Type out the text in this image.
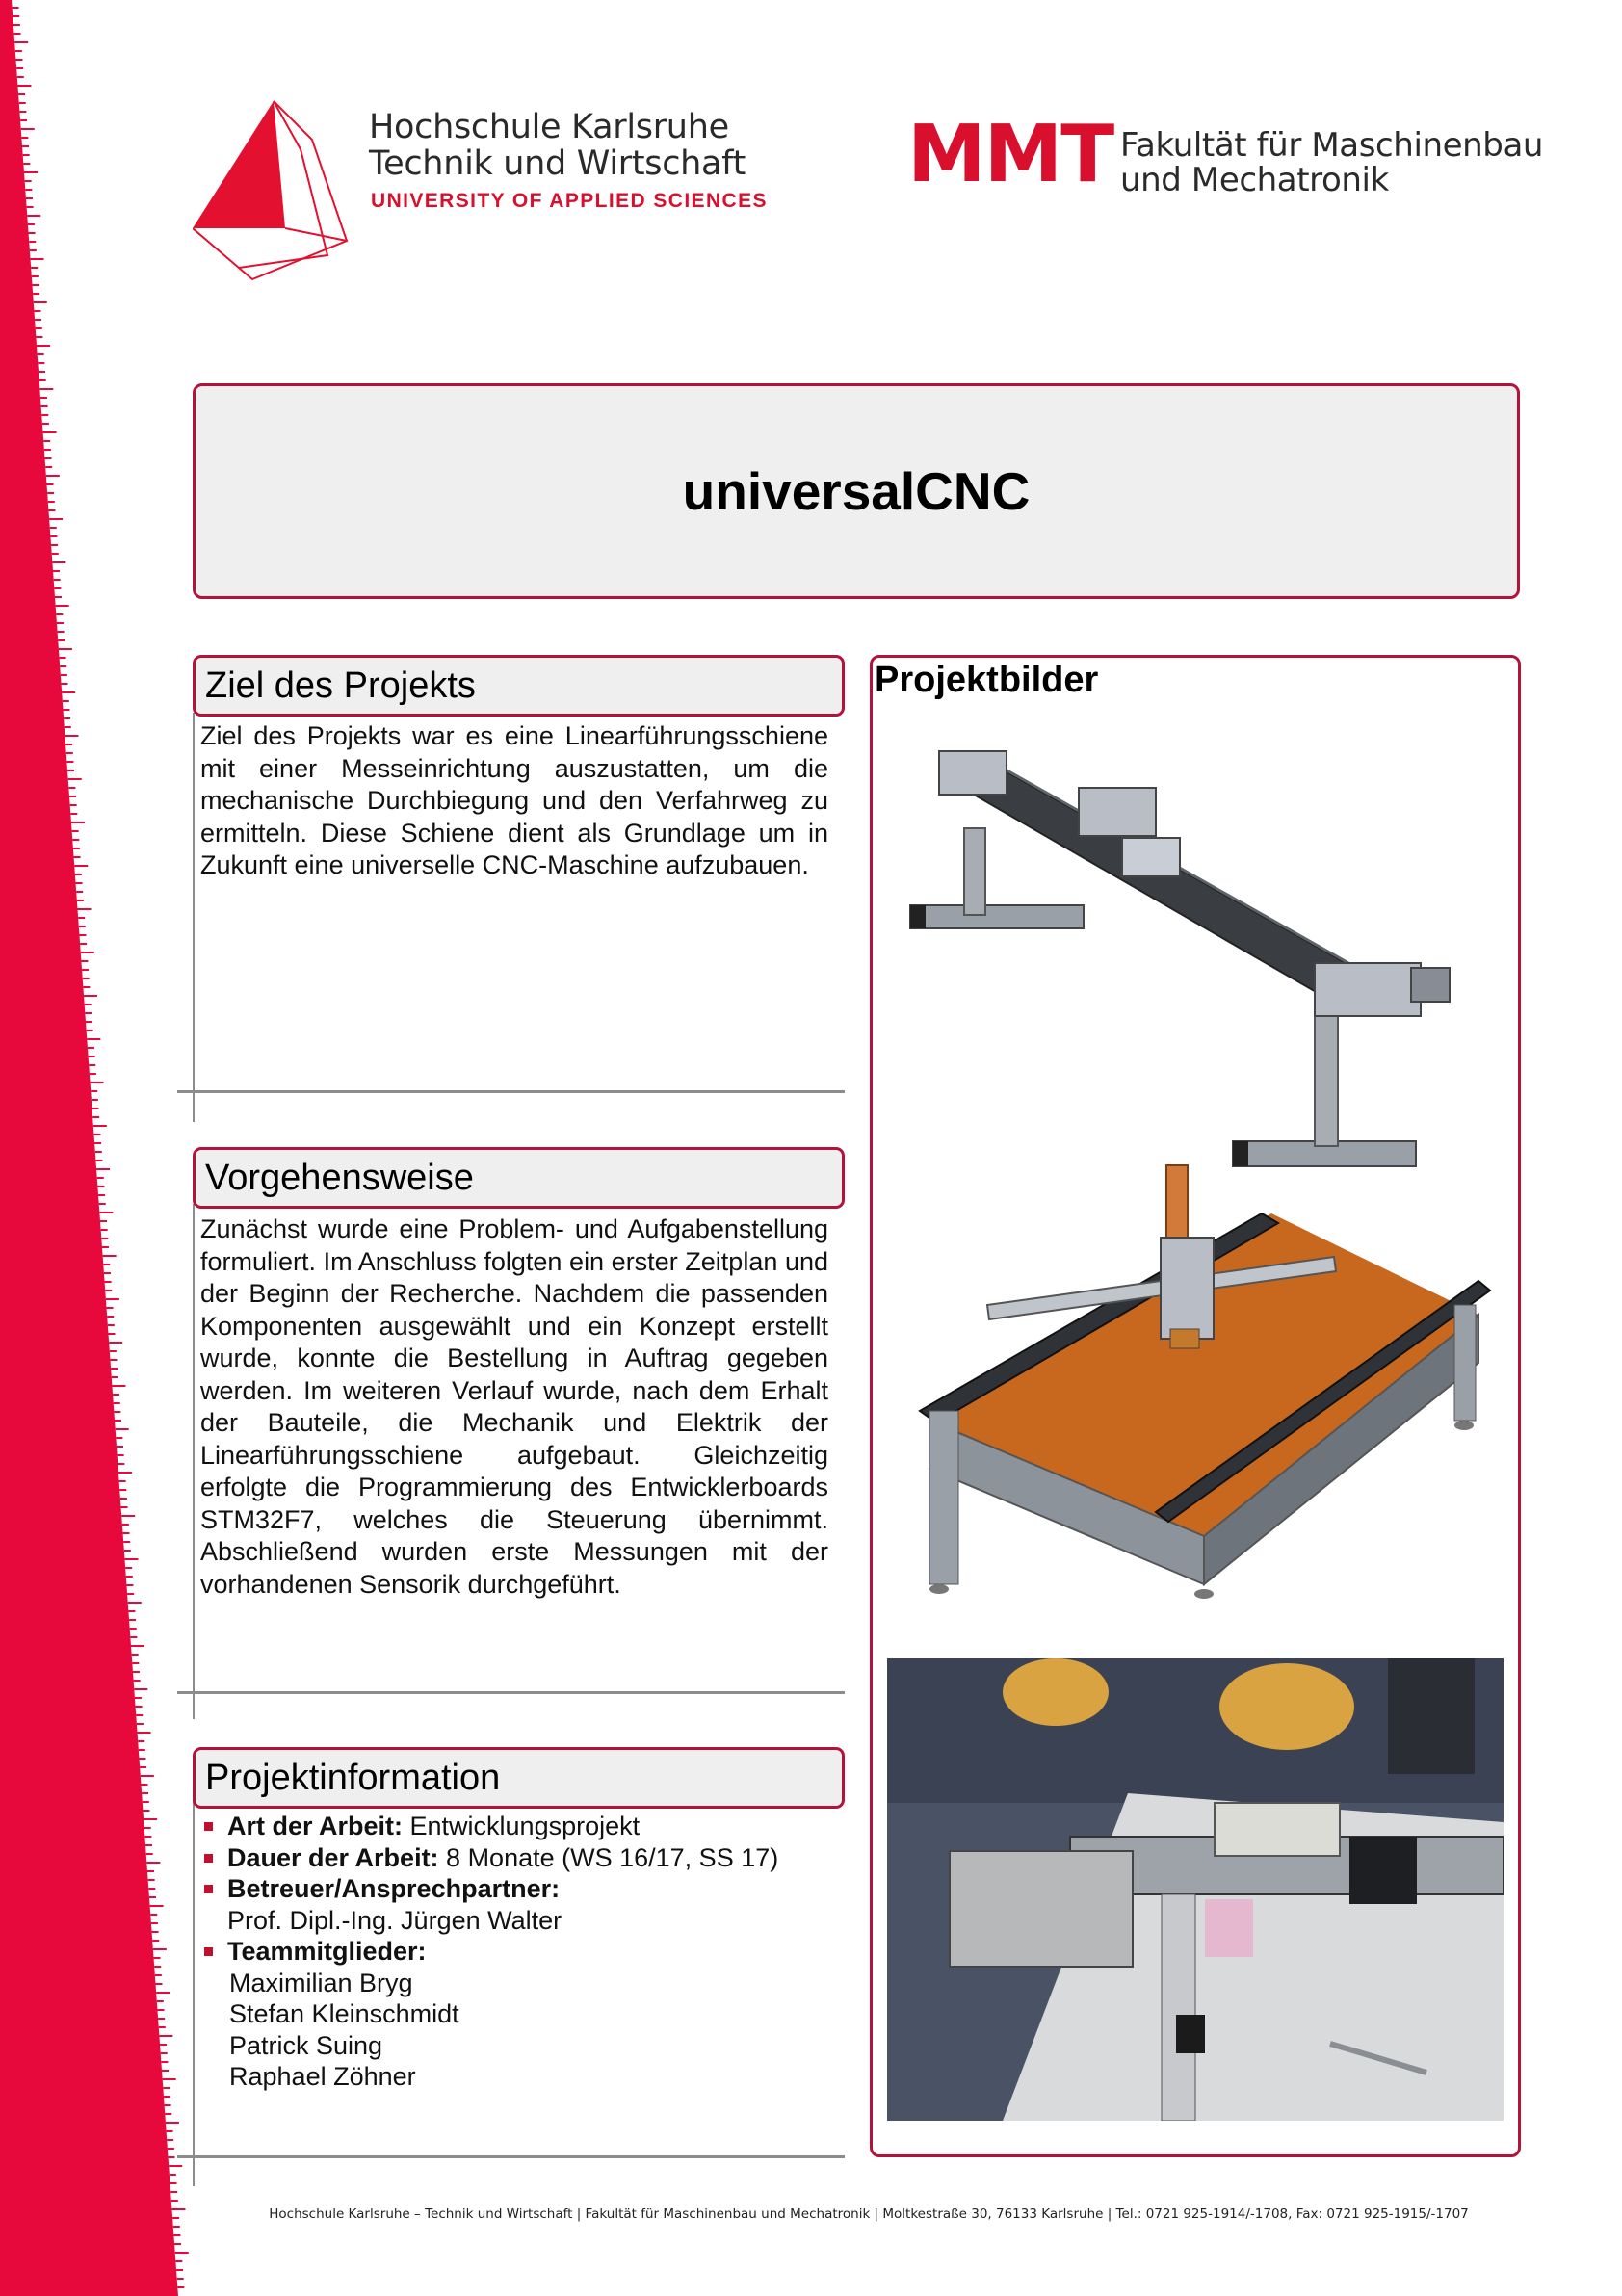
Hochschule Karlsruhe
Technik und Wirtschaft
UNIVERSITY OF APPLIED SCIENCES
MMT Fakultät für Maschinenbau
und Mechatronik
universalCNC
Ziel des Projekts
Ziel des Projekts war es eine Linearführungsschiene mit einer Messeinrichtung auszustatten, um die mechanische Durchbiegung und den Verfahrweg zu ermitteln. Diese Schiene dient als Grundlage um in Zukunft eine universelle CNC-Maschine aufzubauen.
Vorgehensweise
Zunächst wurde eine Problem- und Aufgabenstellung formuliert. Im Anschluss folgten ein erster Zeitplan und der Beginn der Recherche. Nachdem die passenden Komponenten ausgewählt und ein Konzept erstellt wurde, konnte die Bestellung in Auftrag gegeben werden. Im weiteren Verlauf wurde, nach dem Erhalt der Bauteile, die Mechanik und Elektrik der Linearführungsschiene aufgebaut. Gleichzeitig erfolgte die Programmierung des Entwicklerboards STM32F7, welches die Steuerung übernimmt. Abschließend wurden erste Messungen mit der vorhandenen Sensorik durchgeführt.
Projektinformation
Art der Arbeit: Entwicklungsprojekt
Dauer der Arbeit: 8 Monate (WS 16/17, SS 17)
Betreuer/Ansprechpartner:
Prof. Dipl.-Ing. Jürgen Walter
Teammitglieder:
Maximilian Bryg
Stefan Kleinschmidt
Patrick Suing
Raphael Zöhner
Projektbilder
Hochschule Karlsruhe – Technik und Wirtschaft | Fakultät für Maschinenbau und Mechatronik | Moltkestraße 30, 76133 Karlsruhe | Tel.: 0721 925-1914/-1708, Fax: 0721 925-1915/-1707
